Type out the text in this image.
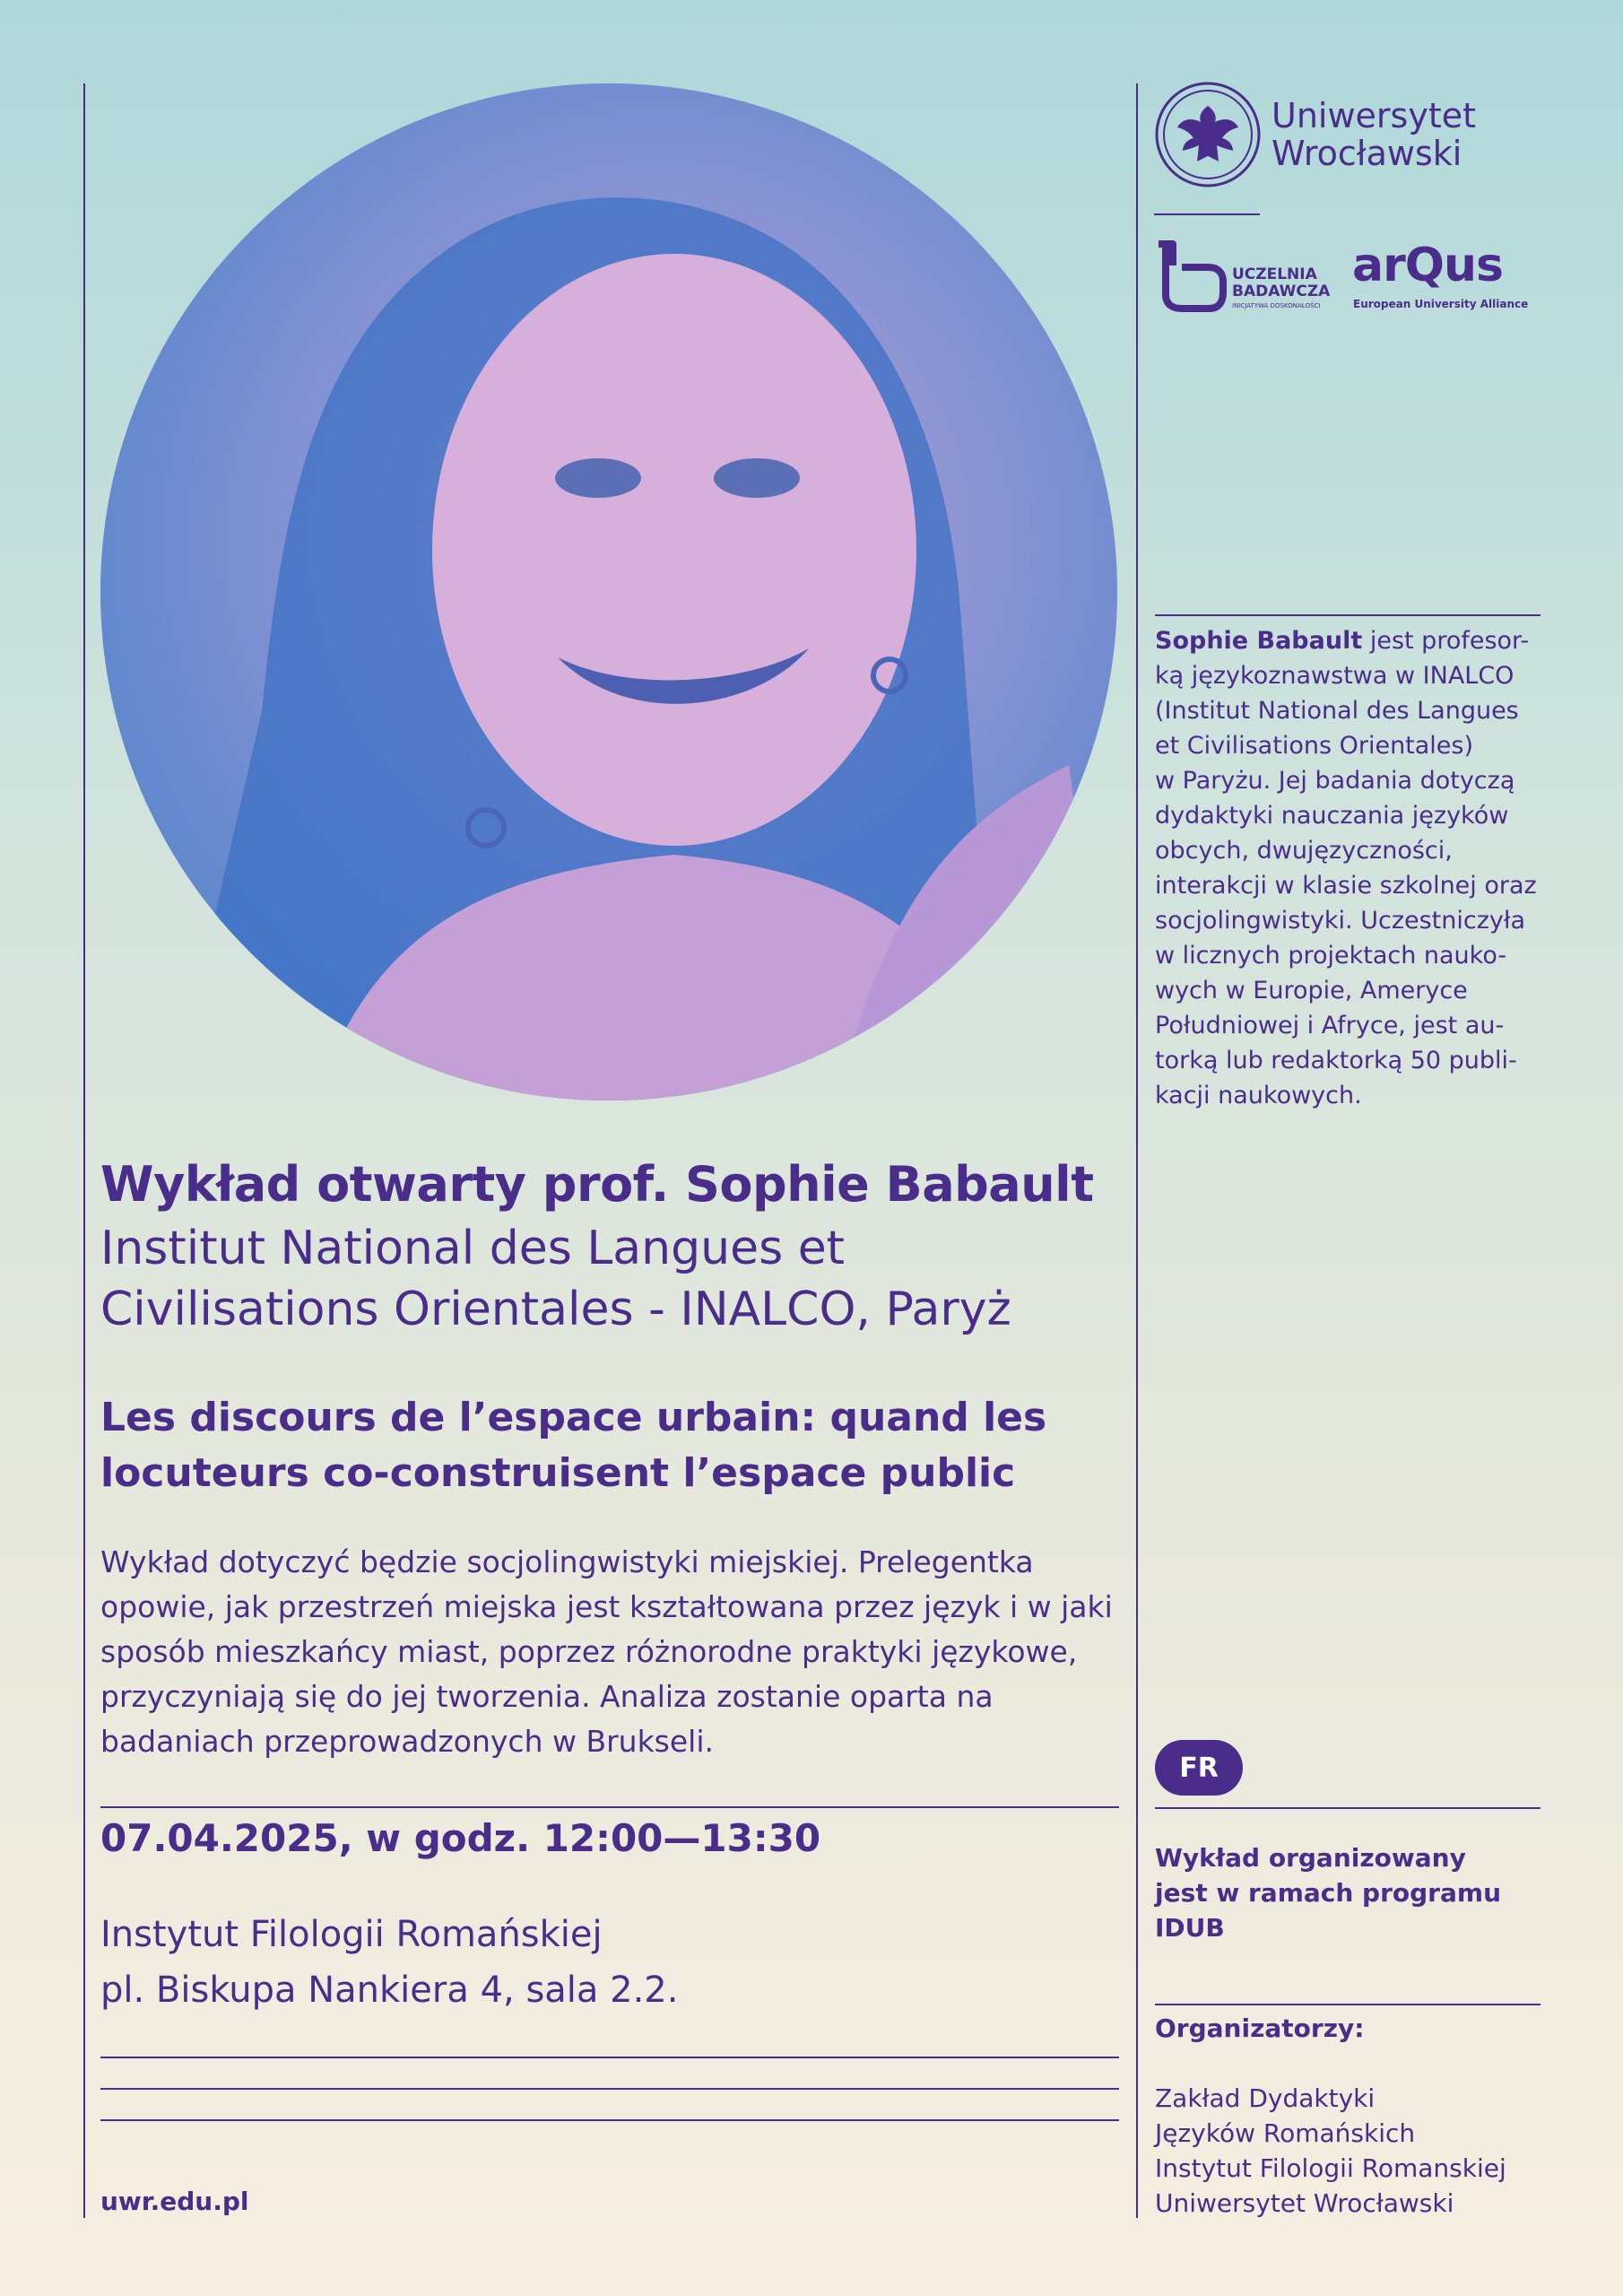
Wykład otwarty prof. Sophie Babault
Institut National des Langues et
Civilisations Orientales - INALCO, Paryż
Les discours de l’espace urbain: quand les
locuteurs co-construisent l’espace public
Wykład dotyczyć będzie socjolingwistyki miejskiej. Prelegentka
opowie, jak przestrzeń miejska jest kształtowana przez język i w jaki
sposób mieszkańcy miast, poprzez różnorodne praktyki językowe,
przyczyniają się do jej tworzenia. Analiza zostanie oparta na
badaniach przeprowadzonych w Brukseli.
07.04.2025, w godz. 12:00—13:30
Instytut Filologii Romańskiej
pl. Biskupa Nankiera 4, sala 2.2.
uwr.edu.pl
Uniwersytet
Wrocławski
UCZELNIA
BADAWCZA
INICJATYWA DOSKONAŁOŚCI
arQus
European University Alliance
Sophie Babault jest profesor-
ką językoznawstwa w INALCO
(Institut National des Langues
et Civilisations Orientales)
w Paryżu. Jej badania dotyczą
dydaktyki nauczania języków
obcych, dwujęzyczności,
interakcji w klasie szkolnej oraz
socjolingwistyki. Uczestniczyła
w licznych projektach nauko-
wych w Europie, Ameryce
Południowej i Afryce, jest au-
torką lub redaktorką 50 publi-
kacji naukowych.
FR
Wykład organizowany
jest w ramach programu
IDUB
Organizatorzy:
Zakład Dydaktyki
Języków Romańskich
Instytut Filologii Romanskiej
Uniwersytet Wrocławski
